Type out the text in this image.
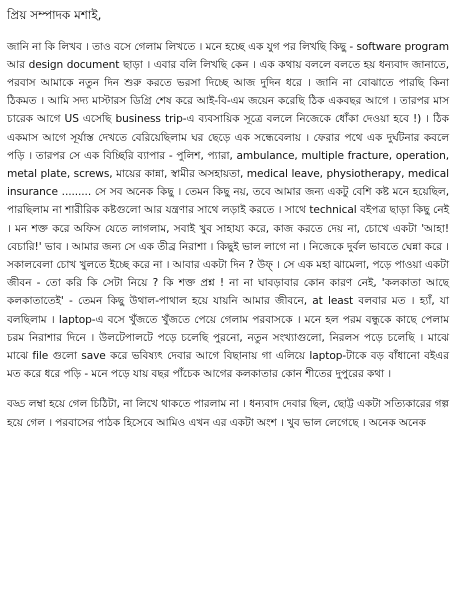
প্রিয় সম্পাদক মশাই,

জানি না কি লিখব । তাও বসে গেলাম লিখতে । মনে হচ্ছে এক যুগ পর লিখছি কিছু - software program আর design document ছাড়া । এবার বলি লিখছি কেন । এক কথায় বললে বলতে হয় ধন্যবাদ জানাতে, পরবাস আমাকে নতুন দিন শুরু করতে ভরসা দিচ্ছে আজ দুদিন ধরে । জানি না বোঝাতে পারছি কিনা ঠিকমত । আমি সদ্য মাস্টারস ডিগ্রি শেষ করে আই-বি-এম জয়েন করেছি ঠিক একবছর আগে । তারপর মাস চারেক আগে US এসেছি business trip-এ ব্যবসায়িক সূত্রে বললে নিজেকে ধোঁকা দেওয়া হবে !) । ঠিক একমাস আগে সূর্যাস্ত দেখতে বেরিয়েছিলাম ঘর ছেড়ে এক সন্ধেবেলায় । ফেরার পথে এক দুর্ঘটনার কবলে পড়ি । তারপর সে এক বিচ্ছিরি ব্যাপার - পুলিশ, প্যারা, ambulance, multiple fracture, operation, metal plate, screws, মায়ের কান্না, স্বামীর অসহায়তা, medical leave, physiotherapy, medical insurance ......... সে সব অনেক কিছু । তেমন কিছু নয়, তবে আমার জন্য একটু বেশি কষ্ট মনে হয়েছিল, পারছিলাম না শারীরিক কষ্টগুলো আর যন্ত্রণার সাথে লড়াই করতে । সাথে technical বইপত্র ছাড়া কিছু নেই । মন শক্ত করে অফিস যেতে লাগলাম, সবাই খুব সাহায্য করে, কাজ করতে দেয় না, চোখে একটা 'আহা! বেচারি!' ভাব । আমার জন্য সে এক তীব্র নিরাশা । কিছুই ভাল লাগে না । নিজেকে দুর্বল ভাবতে ঘেন্না করে । সকালবেলা চোখ খুলতে ইচ্ছে করে না । আবার একটা দিন ? উফ্ । সে এক মহা ঝামেলা, পড়ে পাওয়া একটা জীবন - তো করি কি সেটা নিয়ে ? কি শক্ত প্রশ্ন ! না না ঘাবড়াবার কোন কারণ নেই, 'কলকাতা আছে কলকাতাতেই' - তেমন কিছু উথাল-পাথাল হয়ে যায়নি আমার জীবনে, at least বলবার মত । হ্যাঁ, যা বলছিলাম । laptop-এ বসে খুঁজতে খুঁজতে পেয়ে গেলাম পরবাসকে । মনে হল পরম বন্ধুকে কাছে পেলাম চরম নিরাশার দিনে । উলটেপালটে পড়ে চলেছি পুরনো, নতুন সংখ্যাগুলো, নিরলস পড়ে চলেছি । মাঝে মাঝে file গুলো save করে ভবিষ্যৎ দেবার আগে বিছানায় গা এলিয়ে laptop-টাকে বড় বাঁধানো বইএর মত করে ধরে পড়ি - মনে পড়ে যায় বছর পাঁচেক আগের কলকাতার কোন শীতের দুপুরের কথা ।

বড্ড লম্বা হয়ে গেল চিঠিটা, না লিখে থাকতে পারলাম না । ধন্যবাদ দেবার ছিল, ছোট্ট একটা সত্যিকারের গল্প হয়ে গেল । পরবাসের পাঠক হিসেবে আমিও এখন এর একটা অংশ । খুব ভাল লেগেছে । অনেক অনেক
